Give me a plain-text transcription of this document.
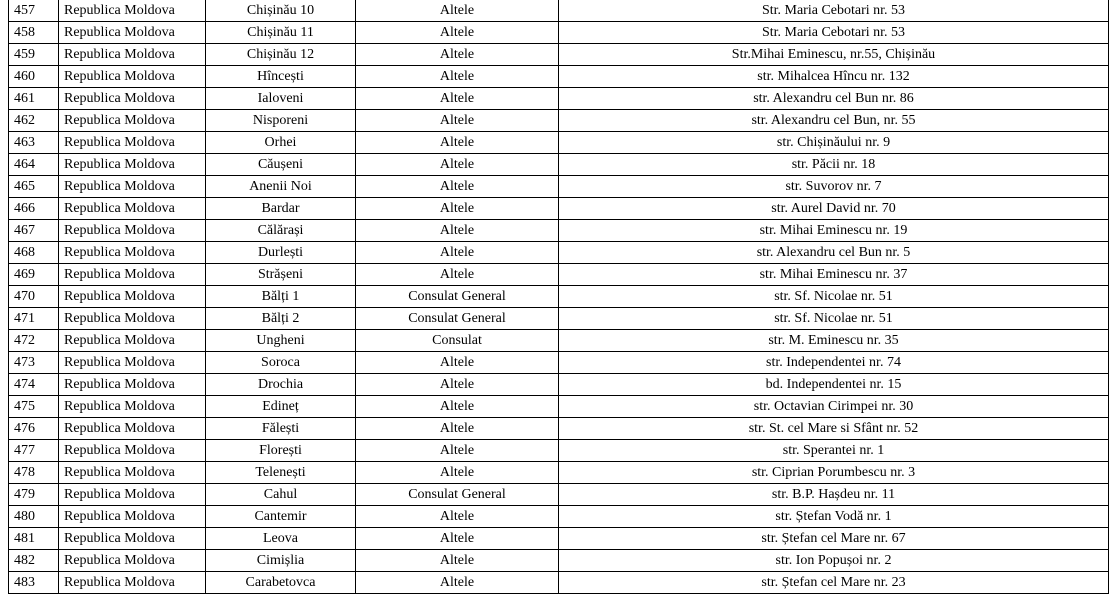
457	Republica Moldova	Chișinău 10	Altele	Str. Maria Cebotari nr. 53
458	Republica Moldova	Chișinău 11	Altele	Str. Maria Cebotari nr. 53
459	Republica Moldova	Chișinău 12	Altele	Str.Mihai Eminescu, nr.55, Chișinău
460	Republica Moldova	Hîncești	Altele	str. Mihalcea Hîncu nr. 132
461	Republica Moldova	Ialoveni	Altele	str. Alexandru cel Bun nr. 86
462	Republica Moldova	Nisporeni	Altele	str. Alexandru cel Bun, nr. 55
463	Republica Moldova	Orhei	Altele	str. Chișinăului nr. 9
464	Republica Moldova	Căușeni	Altele	str. Păcii nr. 18
465	Republica Moldova	Anenii Noi	Altele	str. Suvorov nr. 7
466	Republica Moldova	Bardar	Altele	str. Aurel David nr. 70
467	Republica Moldova	Călărași	Altele	str. Mihai Eminescu nr. 19
468	Republica Moldova	Durlești	Altele	str. Alexandru cel Bun nr. 5
469	Republica Moldova	Strășeni	Altele	str. Mihai Eminescu nr. 37
470	Republica Moldova	Bălți 1	Consulat General	str. Sf. Nicolae nr. 51
471	Republica Moldova	Bălți 2	Consulat General	str. Sf. Nicolae nr. 51
472	Republica Moldova	Ungheni	Consulat	str. M. Eminescu nr. 35
473	Republica Moldova	Soroca	Altele	str. Independentei nr. 74
474	Republica Moldova	Drochia	Altele	bd. Independentei nr. 15
475	Republica Moldova	Edineț	Altele	str. Octavian Cirimpei nr. 30
476	Republica Moldova	Fălești	Altele	str. St. cel Mare si Sfânt nr. 52
477	Republica Moldova	Florești	Altele	str. Sperantei nr. 1
478	Republica Moldova	Telenești	Altele	str. Ciprian Porumbescu nr. 3
479	Republica Moldova	Cahul	Consulat General	str. B.P. Hașdeu nr. 11
480	Republica Moldova	Cantemir	Altele	str. Ștefan Vodă nr. 1
481	Republica Moldova	Leova	Altele	str. Ștefan cel Mare nr. 67
482	Republica Moldova	Cimișlia	Altele	str. Ion Popușoi nr. 2
483	Republica Moldova	Carabetovca	Altele	str. Ștefan cel Mare nr. 23
